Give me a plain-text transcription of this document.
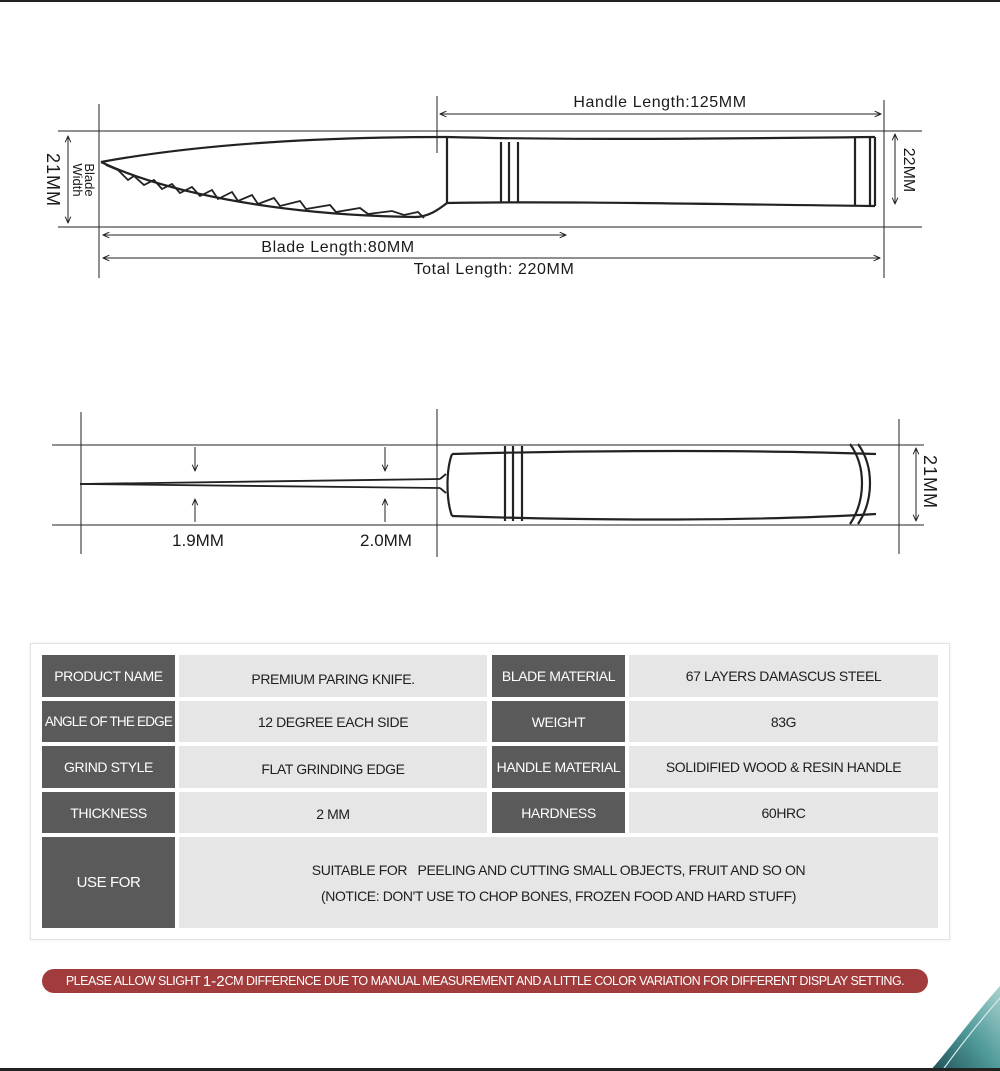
Handle Length:125MM
Blade Length:80MM
Total Length: 220MM
22MM
21MM Blade
Width
1.9MM	2.0MM
21MM
PRODUCT NAME	PREMIUM PARING KNIFE.	BLADE MATERIAL	67 LAYERS DAMASCUS STEEL
ANGLE OF THE EDGE	12 DEGREE EACH SIDE	WEIGHT	83G
GRIND STYLE	FLAT GRINDING EDGE	HANDLE MATERIAL	SOLIDIFIED WOOD & RESIN HANDLE
THICKNESS	2 MM	HARDNESS	60HRC
USE FOR
SUITABLE FOR   PEELING AND CUTTING SMALL OBJECTS, FRUIT AND SO ON
(NOTICE: DON'T USE TO CHOP BONES, FROZEN FOOD AND HARD STUFF)
PLEASE ALLOW SLIGHT 1-2 CM DIFFERENCE DUE TO MANUAL MEASUREMENT AND A LITTLE COLOR VARIATION FOR DIFFERENT DISPLAY SETTING.
